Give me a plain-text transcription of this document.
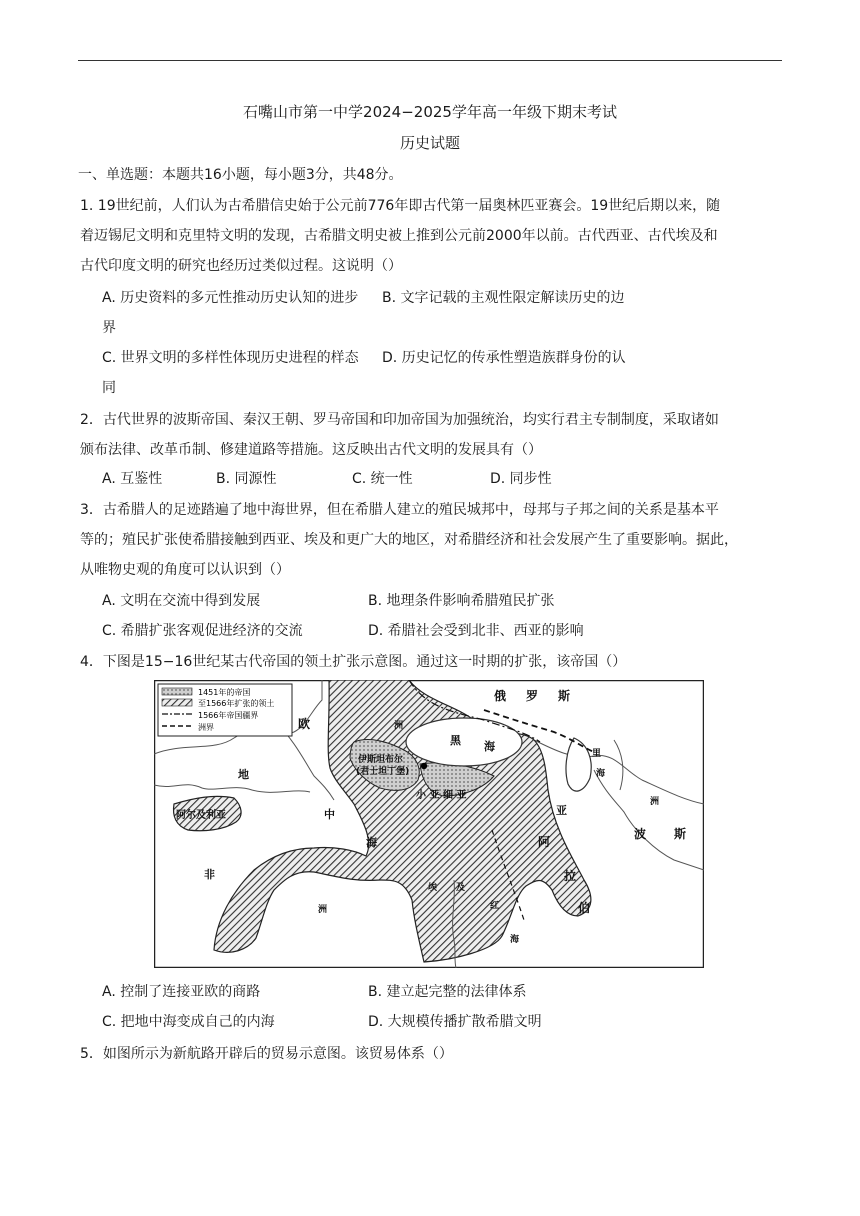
石嘴山市第一中学2024−2025学年高一年级下期末考试
历史试题
一、单选题：本题共16小题，每小题3分，共48分。
1. 19世纪前，人们认为古希腊信史始于公元前776年即古代第一届奥林匹亚赛会。19世纪后期以来，随
着迈锡尼文明和克里特文明的发现，古希腊文明史被上推到公元前2000年以前。古代西亚、古代埃及和
古代印度文明的研究也经历过类似过程。这说明（）
A. 历史资料的多元性推动历史认知的进步 B. 文字记载的主观性限定解读历史的边
界
C. 世界文明的多样性体现历史进程的样态 D. 历史记忆的传承性塑造族群身份的认
同
2．古代世界的波斯帝国、秦汉王朝、罗马帝国和印加帝国为加强统治，均实行君主专制制度，采取诸如
颁布法律、改革币制、修建道路等措施。这反映出古代文明的发展具有（）
A. 互鉴性	B. 同源性	C. 统一性	D. 同步性
3．古希腊人的足迹踏遍了地中海世界，但在希腊人建立的殖民城邦中，母邦与子邦之间的关系是基本平
等的；殖民扩张使希腊接触到西亚、埃及和更广大的地区，对希腊经济和社会发展产生了重要影响。据此，
从唯物史观的角度可以认识到（）
A. 文明在交流中得到发展	B. 地理条件影响希腊殖民扩张
C. 希腊扩张客观促进经济的交流	D. 希腊社会受到北非、西亚的影响
4．下图是15−16世纪某古代帝国的领土扩张示意图。通过这一时期的扩张，该帝国（）
1451年的帝国
至1566年扩张的领土
1566年帝国疆界
洲界
俄 罗 斯
欧	洲
黑 海
伊斯坦布尔
(君士坦丁堡)
小 亚 细 亚
地
中
海
阿尔及利亚
里
海
亚
洲
波 斯
阿
拉
伯
非
洲
埃 及
红
海
A. 控制了连接亚欧的商路	B. 建立起完整的法律体系
C. 把地中海变成自己的内海	D. 大规模传播扩散希腊文明
5．如图所示为新航路开辟后的贸易示意图。该贸易体系（）
